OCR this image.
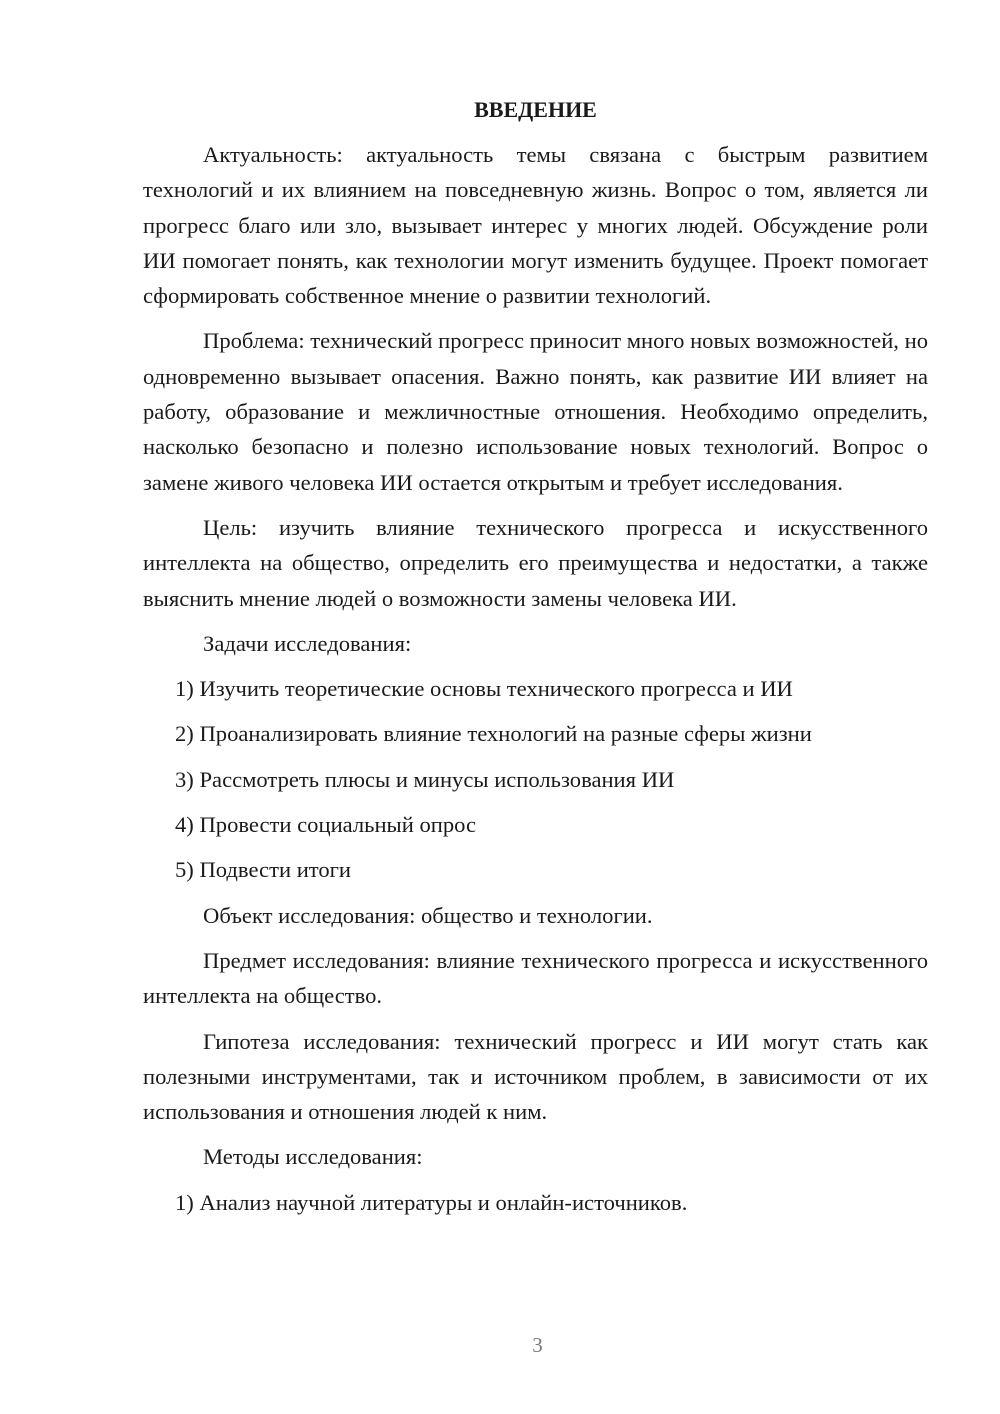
ВВЕДЕНИЕ

Актуальность: актуальность темы связана с быстрым развитием технологий и их влиянием на повседневную жизнь. Вопрос о том, является ли прогресс благо или зло, вызывает интерес у многих людей. Обсуждение роли ИИ помогает понять, как технологии могут изменить будущее. Проект помогает сформировать собственное мнение о развитии технологий.

Проблема: технический прогресс приносит много новых возможностей, но одновременно вызывает опасения. Важно понять, как развитие ИИ влияет на работу, образование и межличностные отношения. Необходимо определить, насколько безопасно и полезно использование новых технологий. Вопрос о замене живого человека ИИ остается открытым и требует исследования.

Цель: изучить влияние технического прогресса и искусственного интеллекта на общество, определить его преимущества и недостатки, а также выяснить мнение людей о возможности замены человека ИИ.

Задачи исследования:

1) Изучить теоретические основы технического прогресса и ИИ

2) Проанализировать влияние технологий на разные сферы жизни

3) Рассмотреть плюсы и минусы использования ИИ

4) Провести социальный опрос

5) Подвести итоги

Объект исследования: общество и технологии.

Предмет исследования: влияние технического прогресса и искусственного интеллекта на общество.

Гипотеза исследования: технический прогресс и ИИ могут стать как полезными инструментами, так и источником проблем, в зависимости от их использования и отношения людей к ним.

Методы исследования:

1) Анализ научной литературы и онлайн-источников.

3
